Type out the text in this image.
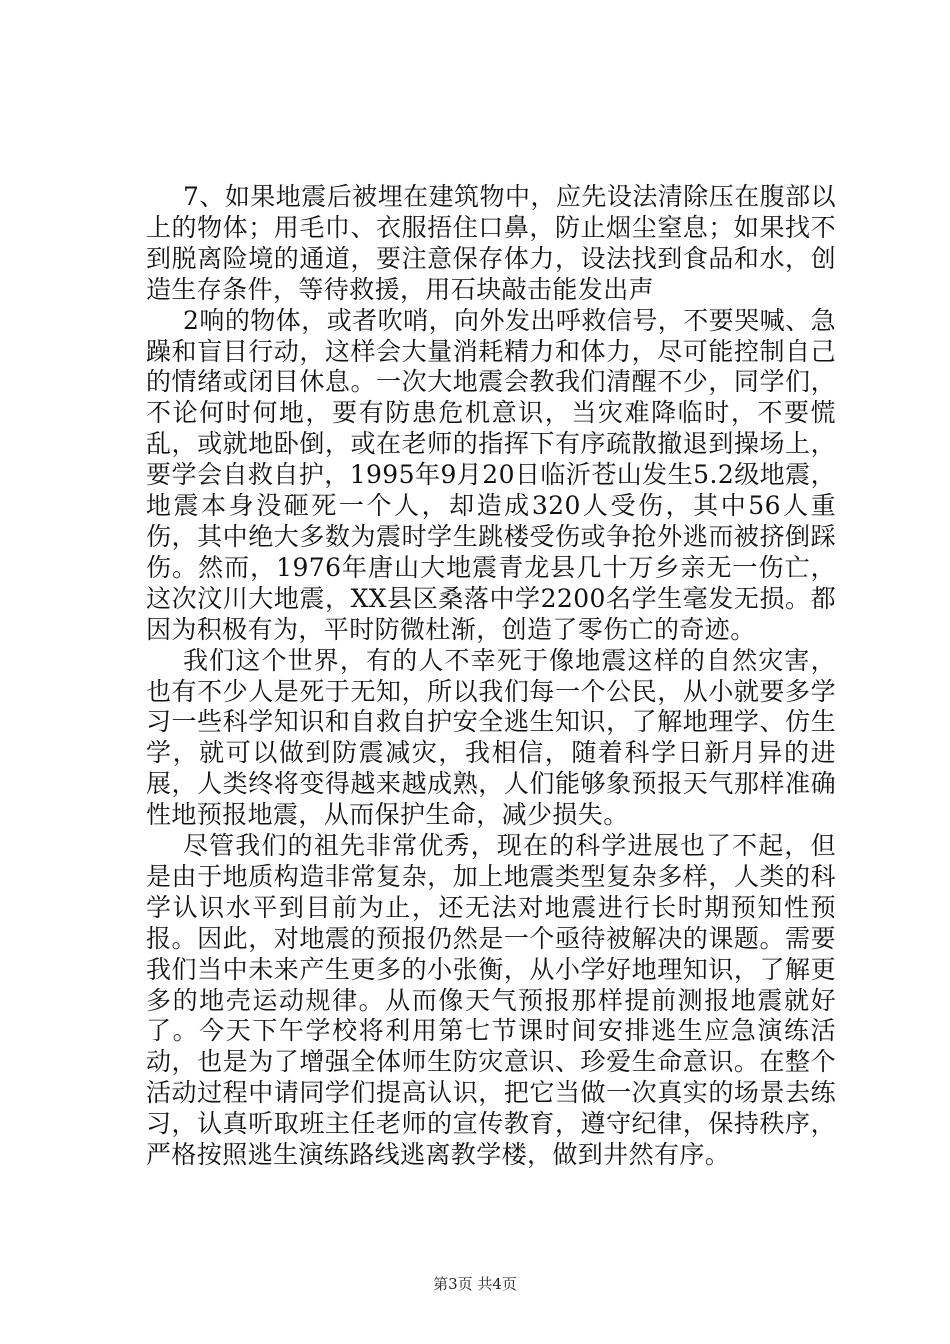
7、如果地震后被埋在建筑物中，应先设法清除压在腹部以上的物体；用毛巾、衣服捂住口鼻，防止烟尘窒息；如果找不到脱离险境的通道，要注意保存体力，设法找到食品和水，创造生存条件，等待救援，用石块敲击能发出声

2响的物体，或者吹哨，向外发出呼救信号，不要哭喊、急躁和盲目行动，这样会大量消耗精力和体力，尽可能控制自己的情绪或闭目休息。一次大地震会教我们清醒不少，同学们，不论何时何地，要有防患危机意识，当灾难降临时，不要慌乱，或就地卧倒，或在老师的指挥下有序疏散撤退到操场上，要学会自救自护，1995年9月20日临沂苍山发生5.2级地震，地震本身没砸死一个人，却造成320人受伤，其中56人重伤，其中绝大多数为震时学生跳楼受伤或争抢外逃而被挤倒踩伤。然而，1976年唐山大地震青龙县几十万乡亲无一伤亡，这次汶川大地震，XX县区桑落中学2200名学生毫发无损。都因为积极有为，平时防微杜渐，创造了零伤亡的奇迹。

我们这个世界，有的人不幸死于像地震这样的自然灾害，也有不少人是死于无知，所以我们每一个公民，从小就要多学习一些科学知识和自救自护安全逃生知识，了解地理学、仿生学，就可以做到防震减灾，我相信，随着科学日新月异的进展，人类终将变得越来越成熟，人们能够象预报天气那样准确性地预报地震，从而保护生命，减少损失。

尽管我们的祖先非常优秀，现在的科学进展也了不起，但是由于地质构造非常复杂，加上地震类型复杂多样，人类的科学认识水平到目前为止，还无法对地震进行长时期预知性预报。因此，对地震的预报仍然是一个亟待被解决的课题。需要我们当中未来产生更多的小张衡，从小学好地理知识，了解更多的地壳运动规律。从而像天气预报那样提前测报地震就好了。今天下午学校将利用第七节课时间安排逃生应急演练活动，也是为了增强全体师生防灾意识、珍爱生命意识。在整个活动过程中请同学们提高认识，把它当做一次真实的场景去练习，认真听取班主任老师的宣传教育，遵守纪律，保持秩序，严格按照逃生演练路线逃离教学楼，做到井然有序。

第3页 共4页
